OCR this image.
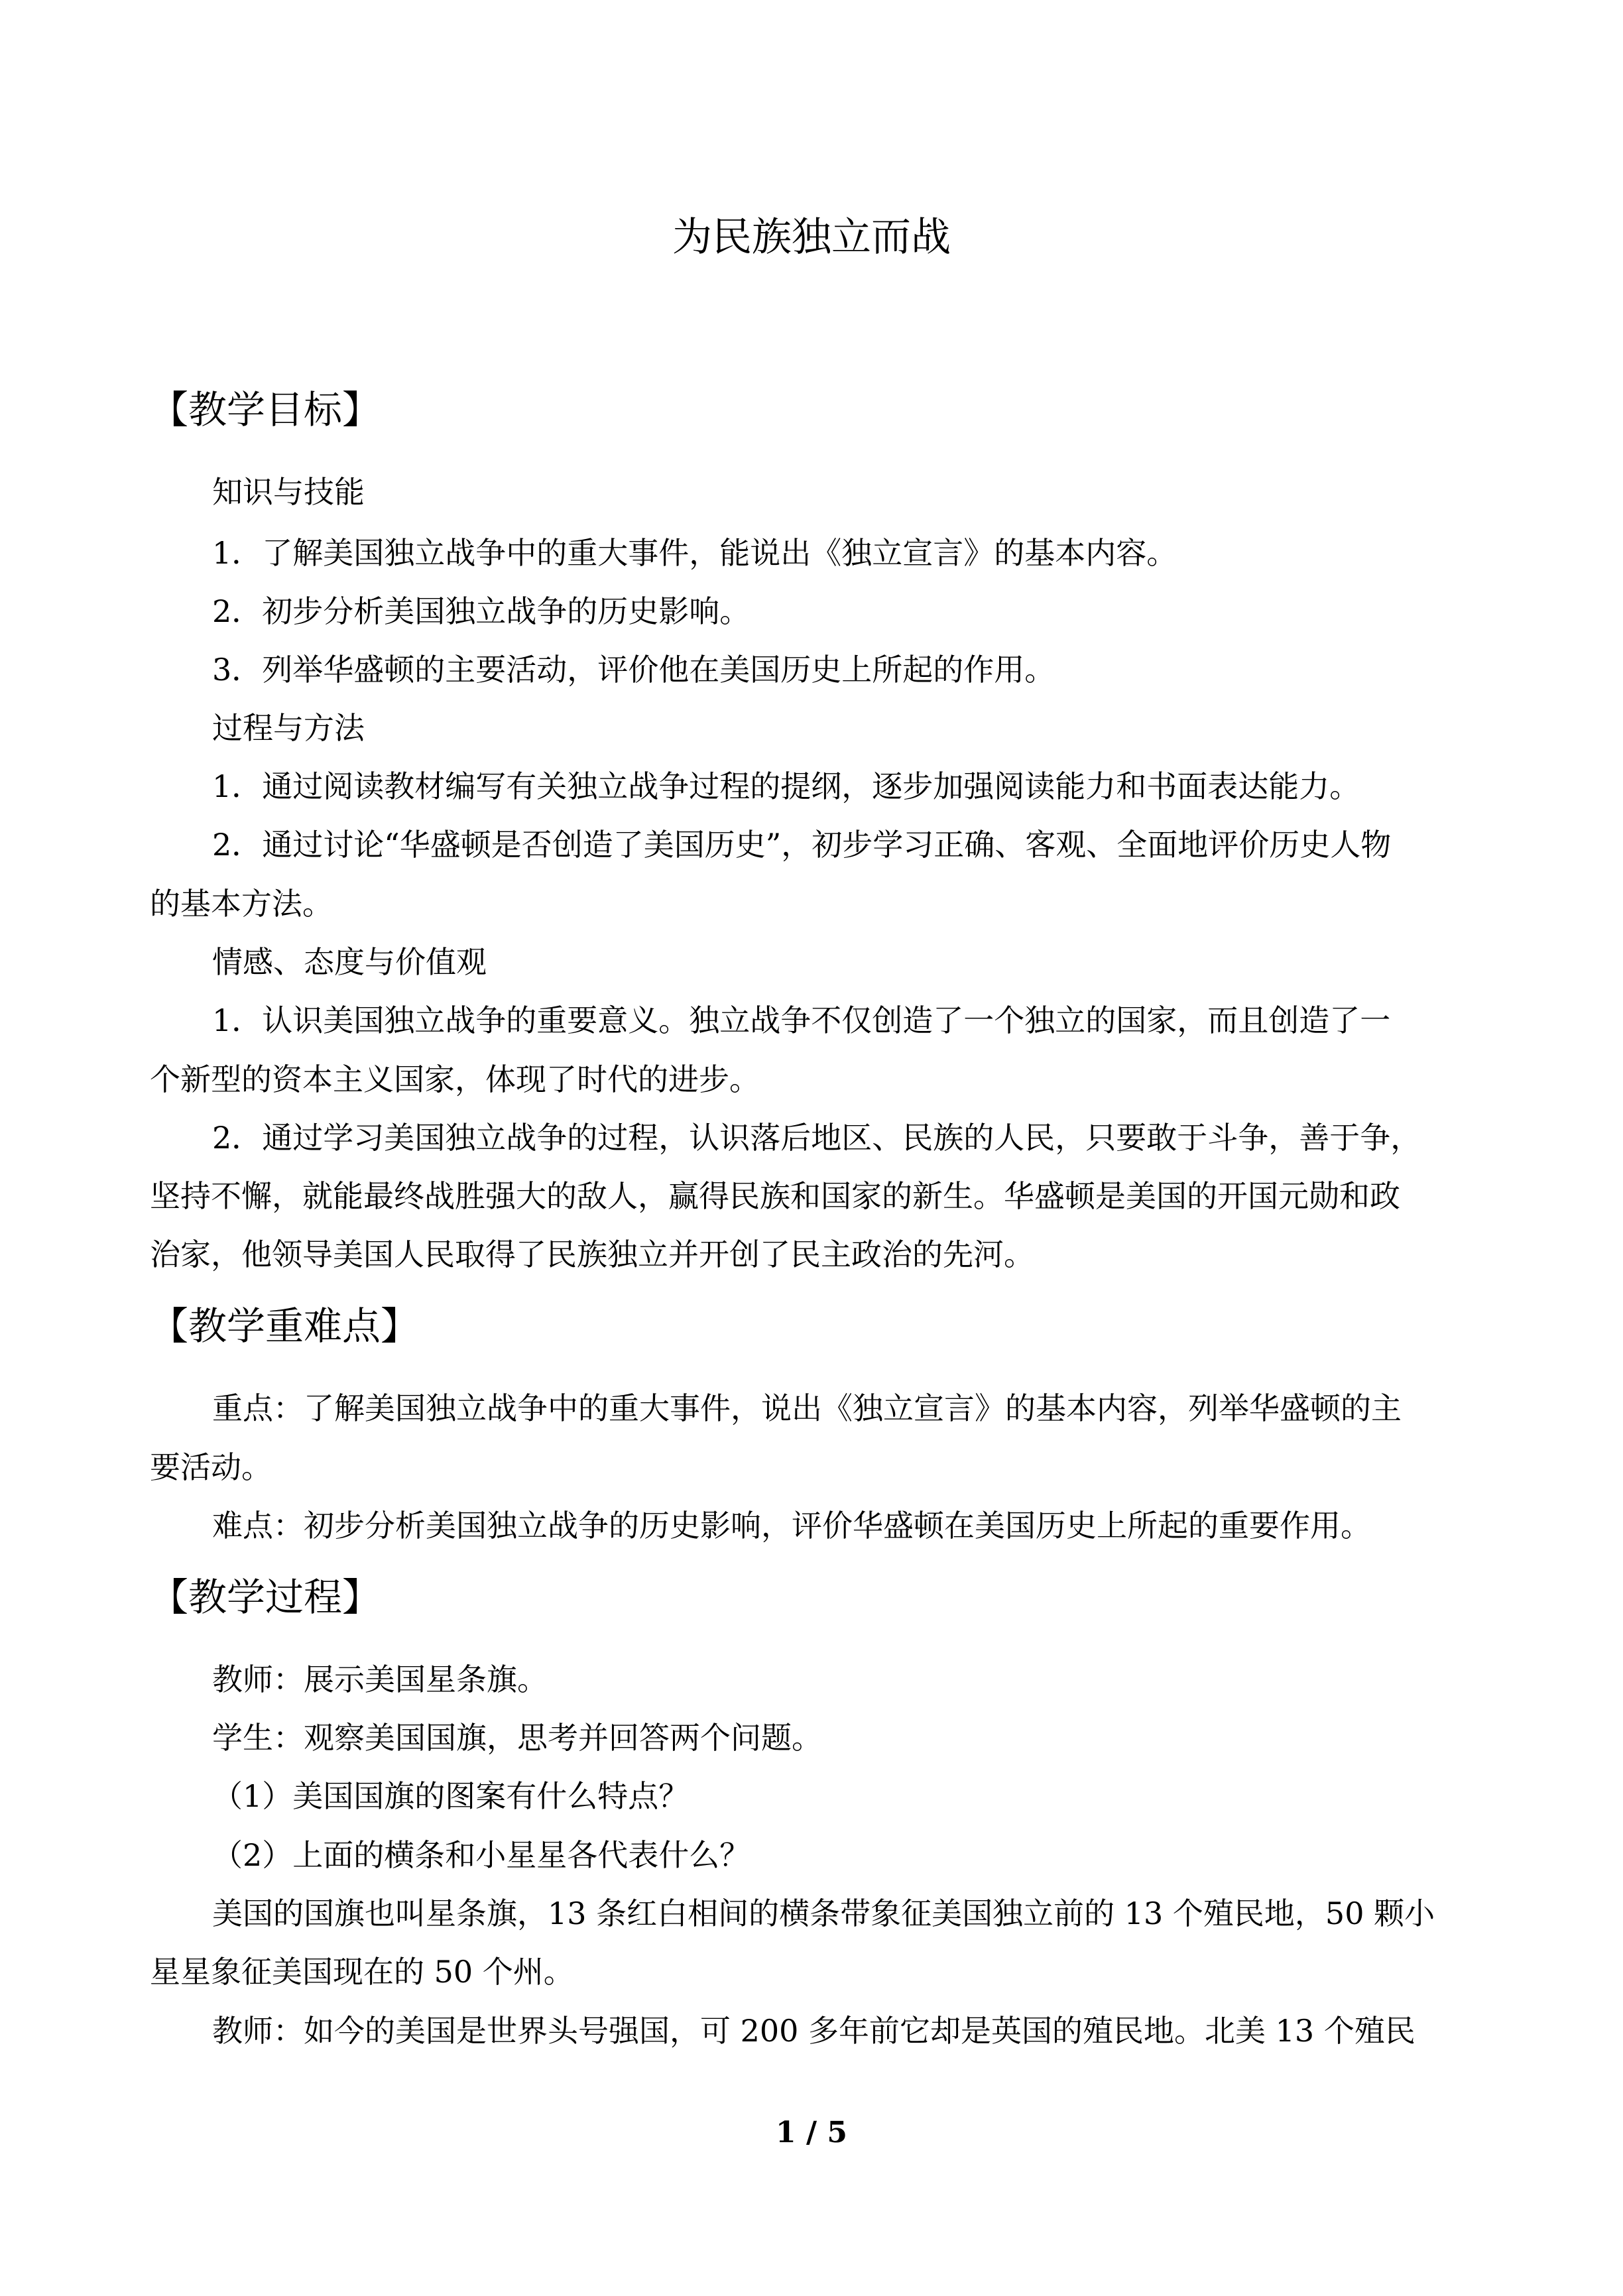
为民族独立而战
【教学目标】
知识与技能
1．了解美国独立战争中的重大事件，能说出《独立宣言》的基本内容。
2．初步分析美国独立战争的历史影响。
3．列举华盛顿的主要活动，评价他在美国历史上所起的作用。
过程与方法
1．通过阅读教材编写有关独立战争过程的提纲，逐步加强阅读能力和书面表达能力。
2．通过讨论“华盛顿是否创造了美国历史”，初步学习正确、客观、全面地评价历史人物
的基本方法。
情感、态度与价值观
1．认识美国独立战争的重要意义。独立战争不仅创造了一个独立的国家，而且创造了一
个新型的资本主义国家，体现了时代的进步。
2．通过学习美国独立战争的过程，认识落后地区、民族的人民，只要敢于斗争，善于争，
坚持不懈，就能最终战胜强大的敌人，赢得民族和国家的新生。华盛顿是美国的开国元勋和政
治家，他领导美国人民取得了民族独立并开创了民主政治的先河。
【教学重难点】
重点：了解美国独立战争中的重大事件，说出《独立宣言》的基本内容，列举华盛顿的主
要活动。
难点：初步分析美国独立战争的历史影响，评价华盛顿在美国历史上所起的重要作用。
【教学过程】
教师：展示美国星条旗。
学生：观察美国国旗，思考并回答两个问题。
（1）美国国旗的图案有什么特点？
（2）上面的横条和小星星各代表什么？
美国的国旗也叫星条旗，13 条红白相间的横条带象征美国独立前的 13 个殖民地，50 颗小
星星象征美国现在的 50 个州。
教师：如今的美国是世界头号强国，可 200 多年前它却是英国的殖民地。北美 13 个殖民
1 / 5
